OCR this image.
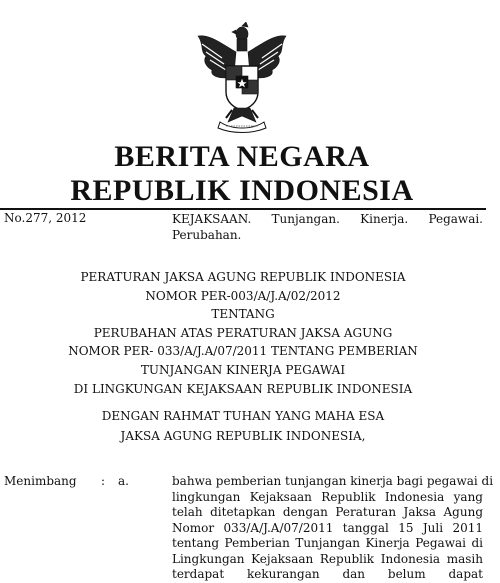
BERITA NEGARA
REPUBLIK INDONESIA
No.277, 2012	KEJAKSAAN. Tunjangan. Kinerja. Pegawai.
Perubahan.
PERATURAN JAKSA AGUNG REPUBLIK INDONESIA
NOMOR PER-003/A/J.A/02/2012
TENTANG
PERUBAHAN ATAS PERATURAN JAKSA AGUNG
NOMOR PER- 033/A/J.A/07/2011 TENTANG PEMBERIAN
TUNJANGAN KINERJA PEGAWAI
DI LINGKUNGAN KEJAKSAAN REPUBLIK INDONESIA
DENGAN RAHMAT TUHAN YANG MAHA ESA
JAKSA AGUNG REPUBLIK INDONESIA,
Menimbang : a.	bahwa pemberian tunjangan kinerja bagi pegawai di
lingkungan Kejaksaan Republik Indonesia yang
telah ditetapkan dengan Peraturan Jaksa Agung
Nomor 033/A/J.A/07/2011 tanggal 15 Juli 2011
tentang Pemberian Tunjangan Kinerja Pegawai di
Lingkungan Kejaksaan Republik Indonesia masih
terdapat kekurangan dan belum dapat
